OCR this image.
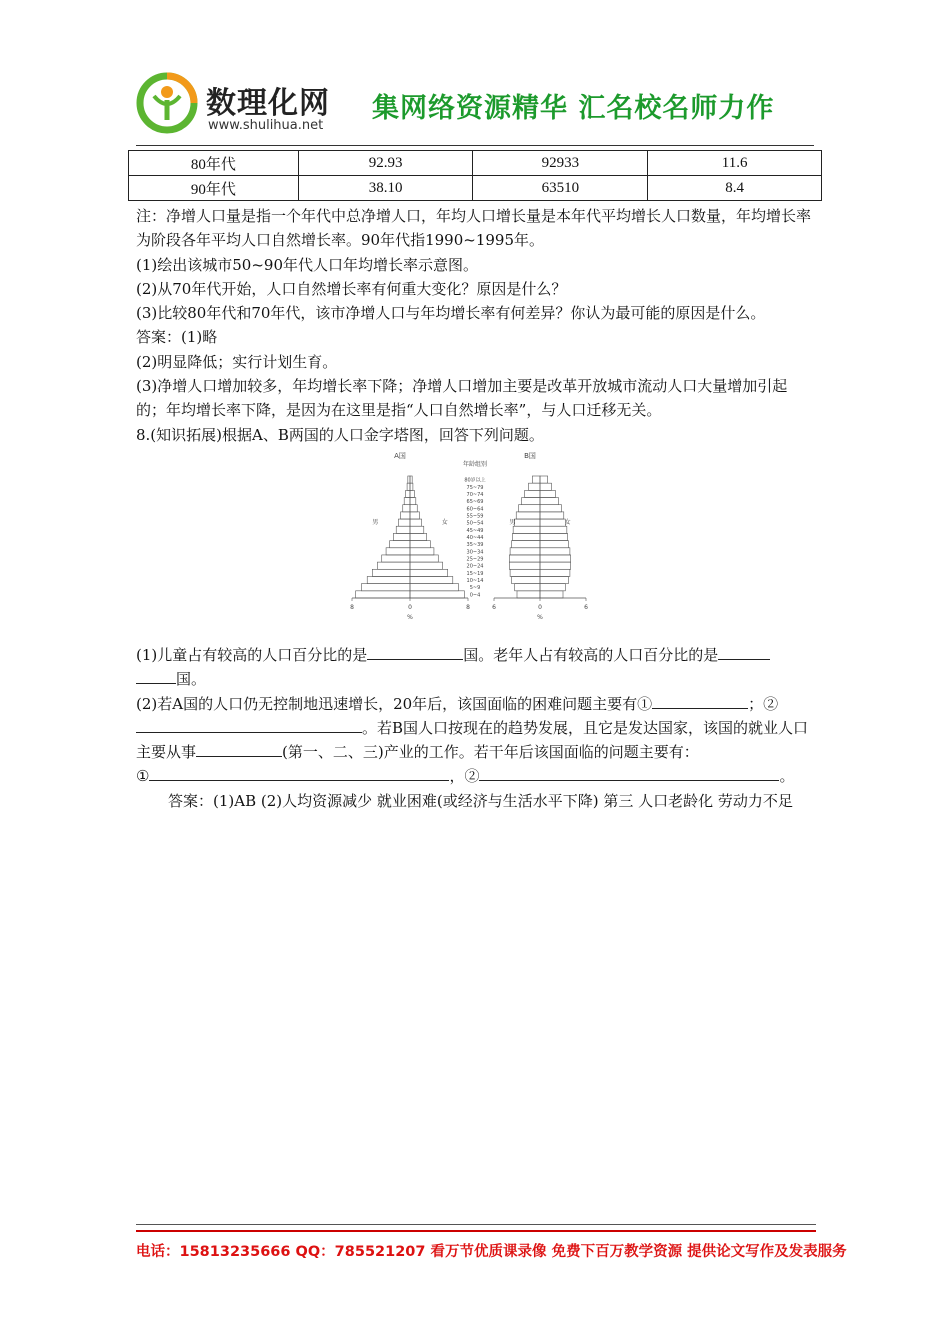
数理化网
www.shulihua.net
集网络资源精华 汇名校名师力作
80年代	92.93	92933	11.6
90年代	38.10	63510	8.4

注：净增人口量是指一个年代中总净增人口，年均人口增长量是本年代平均增长人口数量，年均增长率为阶段各年平均人口自然增长率。90年代指1990~1995年。

(1)绘出该城市50~90年代人口年均增长率示意图。

(2)从70年代开始，人口自然增长率有何重大变化？原因是什么？

(3)比较80年代和70年代，该市净增人口与年均增长率有何差异？你认为最可能的原因是什么。

答案：(1)略

(2)明显降低；实行计划生育。

(3)净增人口增加较多，年均增长率下降；净增人口增加主要是改革开放城市流动人口大量增加引起的；年均增长率下降，是因为在这里是指“人口自然增长率”，与人口迁移无关。

8.(知识拓展)根据A、B两国的人口金字塔图，回答下列问题。

(1)儿童占有较高的人口百分比的是	国。老年人占有较高的人口百分比的是
国。

(2)若A国的人口仍无控制地迅速增长，20年后，该国面临的困难问题主要有①	；②
。若B国人口按现在的趋势发展，且它是发达国家，该国的就业人口主要从事	(第一、二、三)产业的工作。若干年后该国面临的问题主要有：
①	，②	。

答案：(1)AB (2)人均资源减少 就业困难(或经济与生活水平下降) 第三 人口老龄化 劳动力不足

A国
8	0	8
%
男	女
B国
6	0	6
%
男	女
年龄组别
0~4
5~9
10~14
15~19
20~24
25~29
30~34
35~39
40~44
45~49
50~54
55~59
60~64
65~69
70~74
75~79
80岁以上
电话：15813235666 QQ：785521207 看万节优质课录像 免费下百万教学资源 提供论文写作及发表服务
